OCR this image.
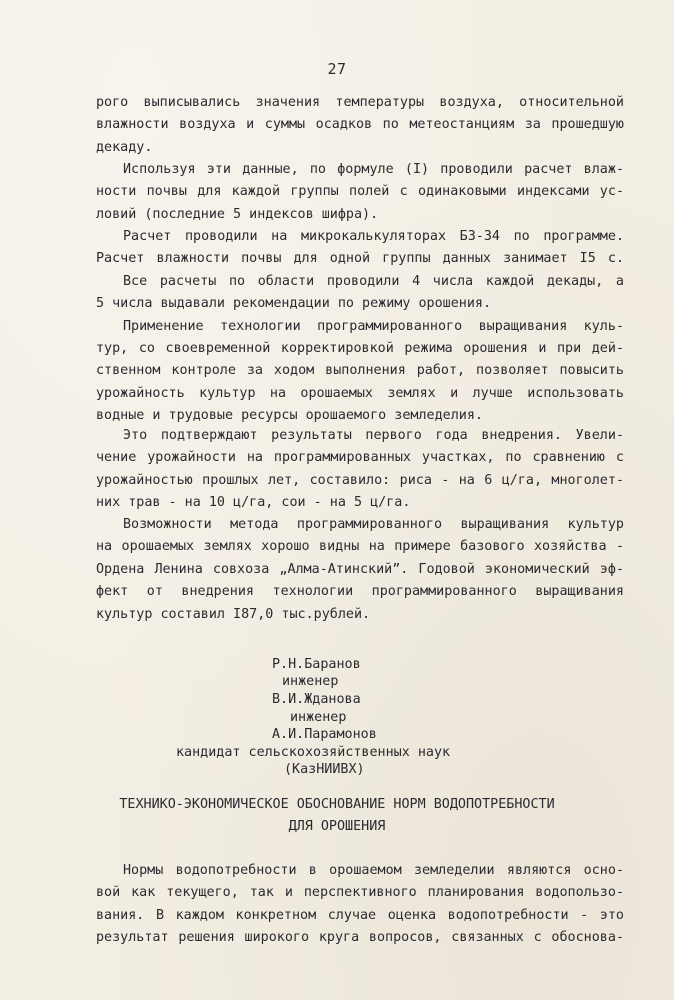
27
рого выписывались значения температуры воздуха, относительной
влажности воздуха и суммы осадков по метеостанциям за прошедшую
декаду.
Используя эти данные, по формуле (I) проводили расчет влаж-
ности почвы для каждой группы полей с одинаковыми индексами ус-
ловий (последние 5 индексов шифра).
Расчет проводили на микрокалькуляторах БЗ-34 по программе.
Расчет влажности почвы для одной группы данных занимает I5 с.
Все расчеты по области проводили 4 числа каждой декады, а
5 числа выдавали рекомендации по режиму орошения.
Применение технологии программированного выращивания куль-
тур, со своевременной корректировкой режима орошения и при дей-
ственном контроле за ходом выполнения работ, позволяет повысить
урожайность культур на орошаемых землях и лучше использовать
водные и трудовые ресурсы орошаемого земледелия.
Это подтверждают результаты первого года внедрения. Увели-
чение урожайности на программированных участках, по сравнению с
урожайностью прошлых лет, составило: риса - на 6 ц/га, многолет-
них трав - на 10 ц/га, сои - на 5 ц/га.
Возможности метода программированного выращивания культур
на орошаемых землях хорошо видны на примере базового хозяйства -
Ордена Ленина совхоза „Алма-Атинский”. Годовой экономический эф-
фект от внедрения технологии программированного выращивания
культур составил I87,0 тыс.рублей.
Р.Н.Баранов
инженер
В.И.Жданова
инженер
А.И.Парамонов
кандидат сельскохозяйственных наук
(КазНИИВХ)
ТЕХНИКО-ЭКОНОМИЧЕСКОЕ ОБОСНОВАНИЕ НОРМ ВОДОПОТРЕБНОСТИ
ДЛЯ ОРОШЕНИЯ
Нормы водопотребности в орошаемом земледелии являются осно-
вой как текущего, так и перспективного планирования водопользо-
вания. В каждом конкретном случае оценка водопотребности - это
результат решения широкого круга вопросов, связанных с обоснова-
